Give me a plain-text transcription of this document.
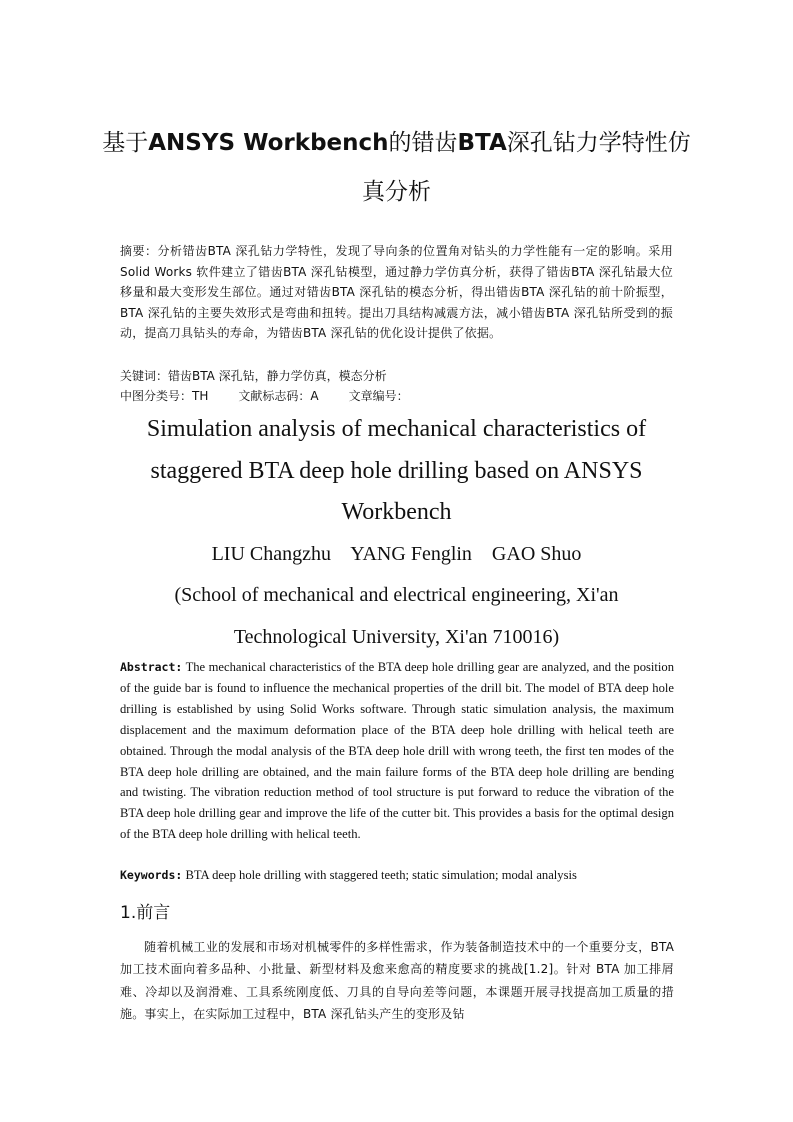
基于ANSYS Workbench的错齿BTA深孔钻力学特性仿
真分析
摘要：分析错齿BTA 深孔钻力学特性，发现了导向条的位置角对钻头的力学性能有一定的影响。采用Solid Works 软件建立了错齿BTA 深孔钻模型，通过静力学仿真分析，获得了错齿BTA 深孔钻最大位移量和最大变形发生部位。通过对错齿BTA 深孔钻的模态分析，得出错齿BTA 深孔钻的前十阶振型，BTA 深孔钻的主要失效形式是弯曲和扭转。提出刀具结构减震方法，减小错齿BTA 深孔钻所受到的振动，提高刀具钻头的寿命，为错齿BTA 深孔钻的优化设计提供了依据。
关键词：错齿BTA 深孔钻，静力学仿真，模态分析
中图分类号：TH	文献标志码：A	文章编号：
Simulation analysis of mechanical characteristics of
staggered BTA deep hole drilling based on ANSYS
Workbench
LIU Changzhu    YANG Fenglin    GAO Shuo
(School of mechanical and electrical engineering, Xi'an
Technological University, Xi'an 710016)
Abstract: The mechanical characteristics of the BTA deep hole drilling gear are analyzed, and the position of the guide bar is found to influence the mechanical properties of the drill bit. The model of BTA deep hole drilling is established by using Solid Works software. Through static simulation analysis, the maximum displacement and the maximum deformation place of the BTA deep hole drilling with helical teeth are obtained. Through the modal analysis of the BTA deep hole drill with wrong teeth, the first ten modes of the BTA deep hole drilling are obtained, and the main failure forms of the BTA deep hole drilling are bending and twisting. The vibration reduction method of tool structure is put forward to reduce the vibration of the BTA deep hole drilling gear and improve the life of the cutter bit. This provides a basis for the optimal design of the BTA deep hole drilling with helical teeth.
Keywords: BTA deep hole drilling with staggered teeth; static simulation; modal analysis
1.前言
随着机械工业的发展和市场对机械零件的多样性需求，作为装备制造技术中的一个重要分支，BTA 加工技术面向着多品种、小批量、新型材料及愈来愈高的精度要求的挑战[1.2]。针对 BTA 加工排屑难、冷却以及润滑难、工具系统刚度低、刀具的自导向差等问题，本课题开展寻找提高加工质量的措施。事实上，在实际加工过程中，BTA 深孔钻头产生的变形及钻
